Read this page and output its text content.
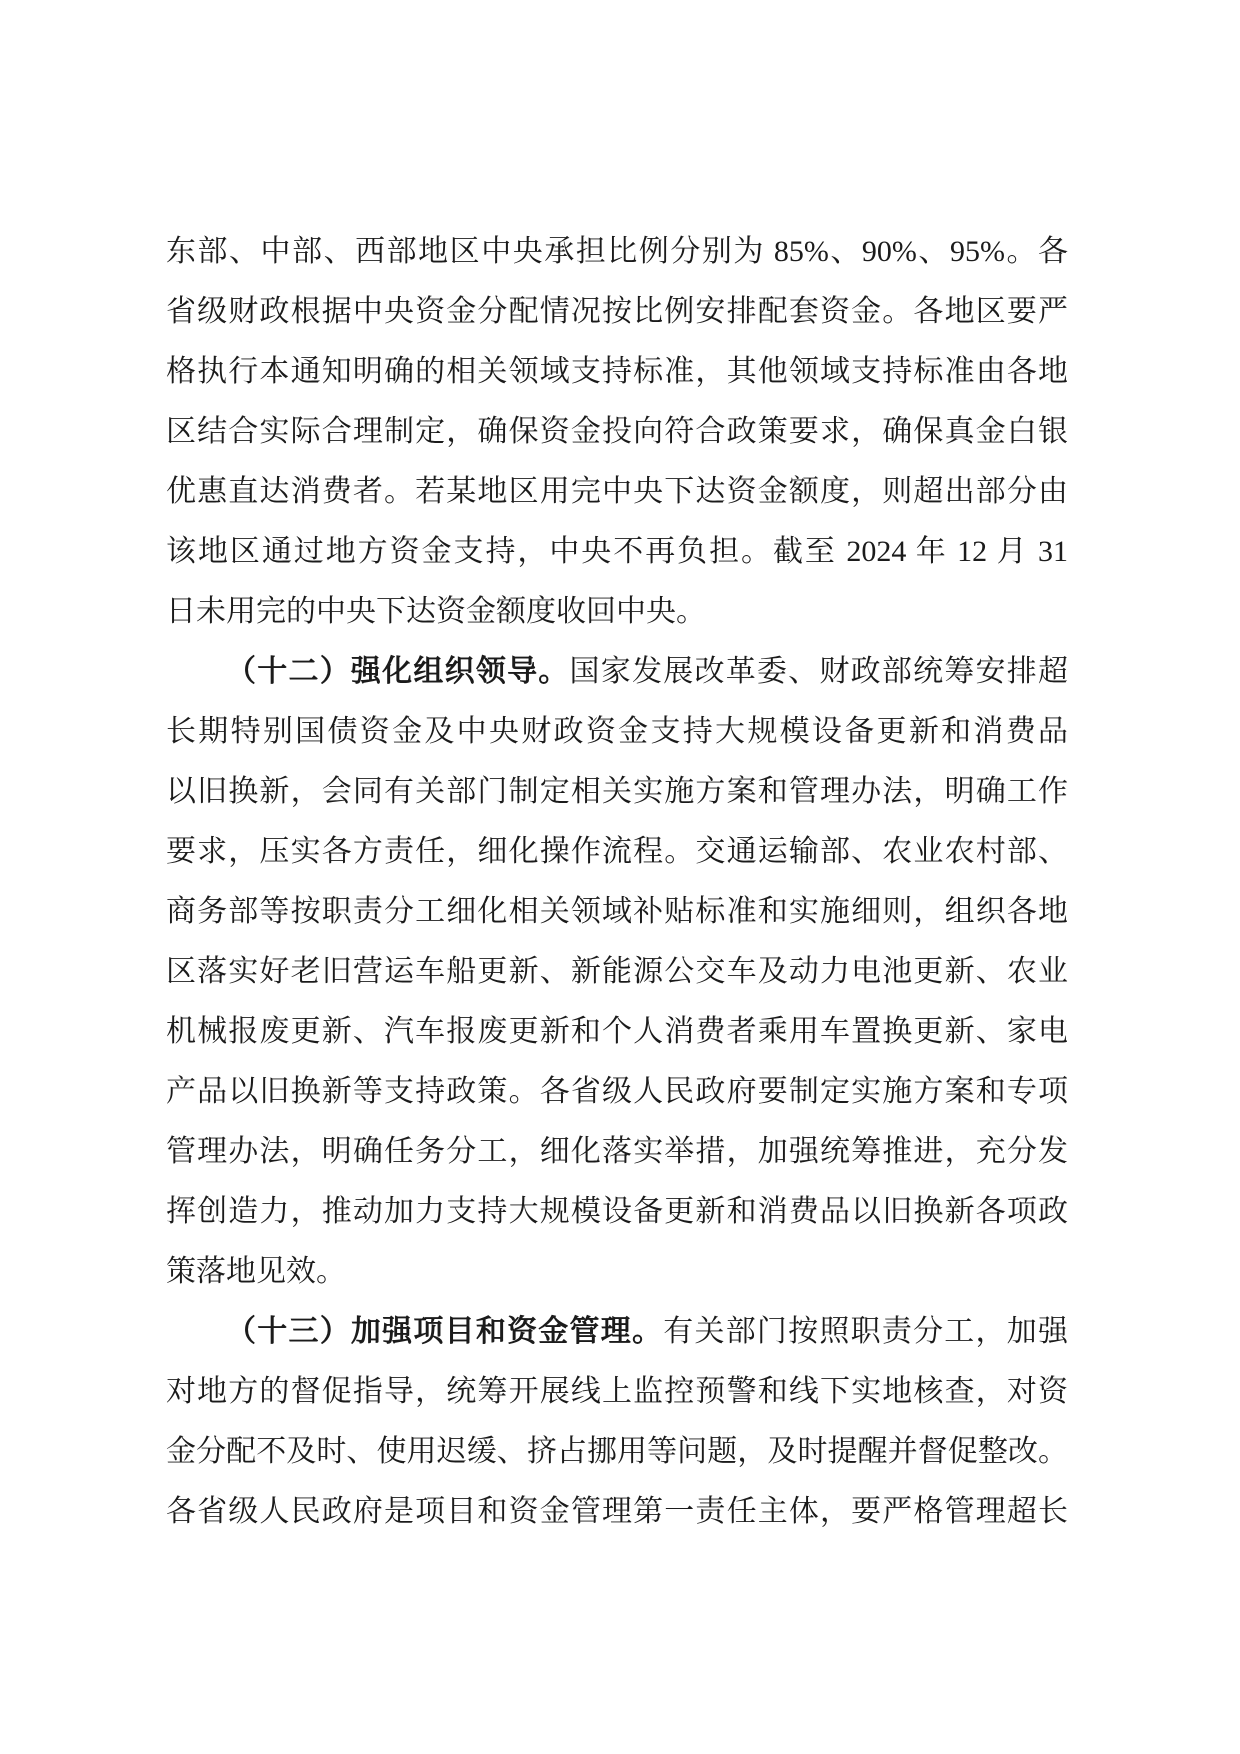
东部、中部、西部地区中央承担比例分别为 85%、90%、95%。各
省级财政根据中央资金分配情况按比例安排配套资金。各地区要严
格执行本通知明确的相关领域支持标准，其他领域支持标准由各地
区结合实际合理制定，确保资金投向符合政策要求，确保真金白银
优惠直达消费者。若某地区用完中央下达资金额度，则超出部分由
该地区通过地方资金支持，中央不再负担。截至 2024 年 12 月 31
日未用完的中央下达资金额度收回中央。
（十二）强化组织领导。国家发展改革委、财政部统筹安排超
长期特别国债资金及中央财政资金支持大规模设备更新和消费品
以旧换新，会同有关部门制定相关实施方案和管理办法，明确工作
要求，压实各方责任，细化操作流程。交通运输部、农业农村部、
商务部等按职责分工细化相关领域补贴标准和实施细则，组织各地
区落实好老旧营运车船更新、新能源公交车及动力电池更新、农业
机械报废更新、汽车报废更新和个人消费者乘用车置换更新、家电
产品以旧换新等支持政策。各省级人民政府要制定实施方案和专项
管理办法，明确任务分工，细化落实举措，加强统筹推进，充分发
挥创造力，推动加力支持大规模设备更新和消费品以旧换新各项政
策落地见效。
（十三）加强项目和资金管理。有关部门按照职责分工，加强
对地方的督促指导，统筹开展线上监控预警和线下实地核查，对资
金分配不及时、使用迟缓、挤占挪用等问题，及时提醒并督促整改。
各省级人民政府是项目和资金管理第一责任主体，要严格管理超长
